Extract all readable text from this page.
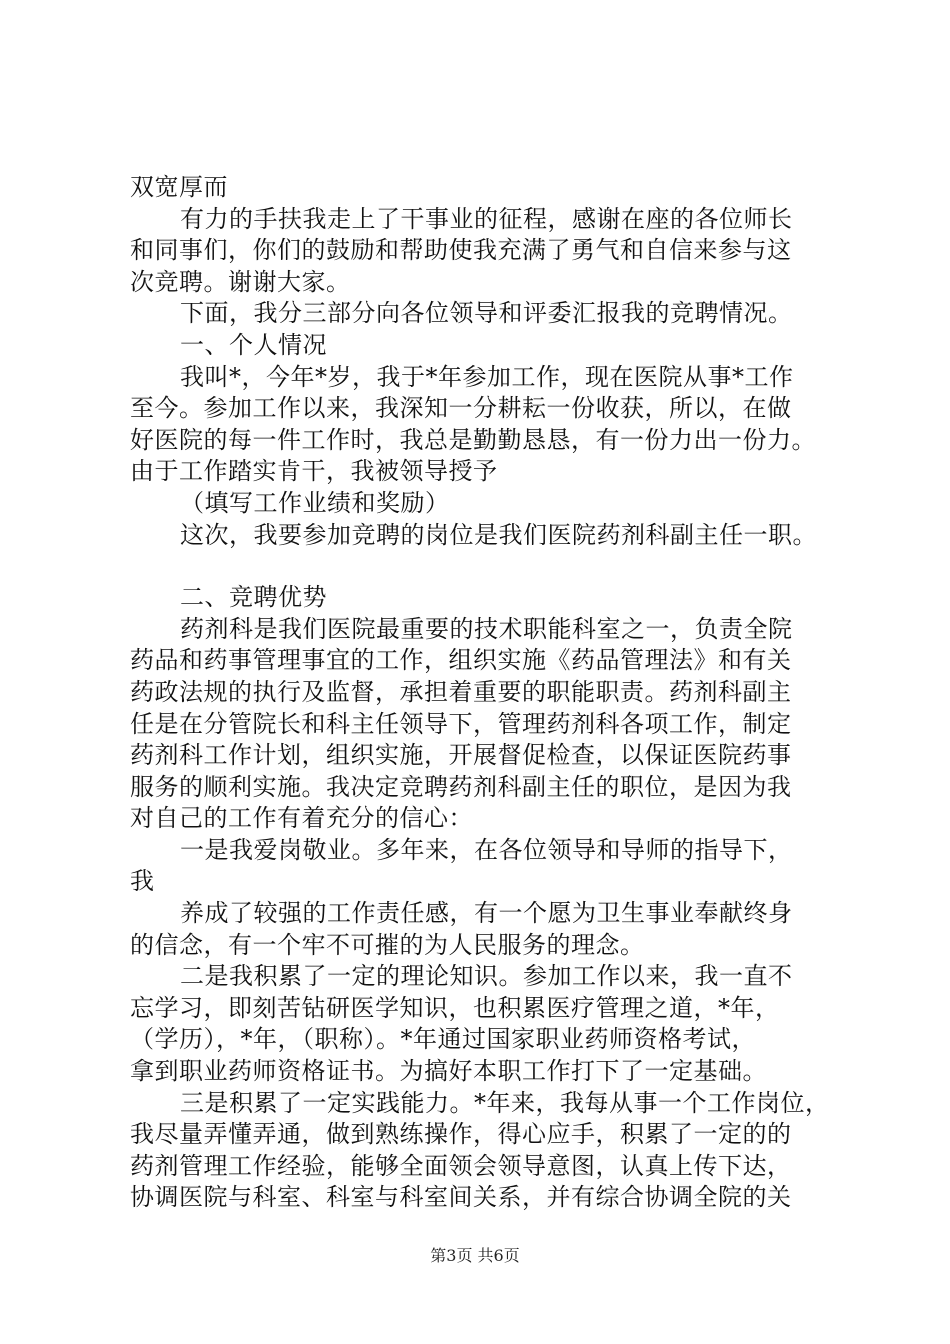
双宽厚而

有力的手扶我走上了干事业的征程，感谢在座的各位师长

和同事们，你们的鼓励和帮助使我充满了勇气和自信来参与这

次竞聘。谢谢大家。

下面，我分三部分向各位领导和评委汇报我的竞聘情况。

一、个人情况

我叫*，今年*岁，我于*年参加工作，现在医院从事*工作

至今。参加工作以来，我深知一分耕耘一份收获，所以，在做

好医院的每一件工作时，我总是勤勤恳恳，有一份力出一份力。

由于工作踏实肯干，我被领导授予

（填写工作业绩和奖励）

这次，我要参加竞聘的岗位是我们医院药剂科副主任一职。

二、竞聘优势

药剂科是我们医院最重要的技术职能科室之一，负责全院

药品和药事管理事宜的工作，组织实施《药品管理法》和有关

药政法规的执行及监督，承担着重要的职能职责。药剂科副主

任是在分管院长和科主任领导下，管理药剂科各项工作，制定

药剂科工作计划，组织实施，开展督促检查，以保证医院药事

服务的顺利实施。我决定竞聘药剂科副主任的职位，是因为我

对自己的工作有着充分的信心：

一是我爱岗敬业。多年来，在各位领导和导师的指导下，

我

养成了较强的工作责任感，有一个愿为卫生事业奉献终身

的信念，有一个牢不可摧的为人民服务的理念。

二是我积累了一定的理论知识。参加工作以来，我一直不

忘学习，即刻苦钻研医学知识，也积累医疗管理之道，*年，

（学历），*年，（职称）。*年通过国家职业药师资格考试，

拿到职业药师资格证书。为搞好本职工作打下了一定基础。

三是积累了一定实践能力。*年来，我每从事一个工作岗位，

我尽量弄懂弄通，做到熟练操作，得心应手，积累了一定的的

药剂管理工作经验，能够全面领会领导意图，认真上传下达，

协调医院与科室、科室与科室间关系，并有综合协调全院的关

第3页 共6页
